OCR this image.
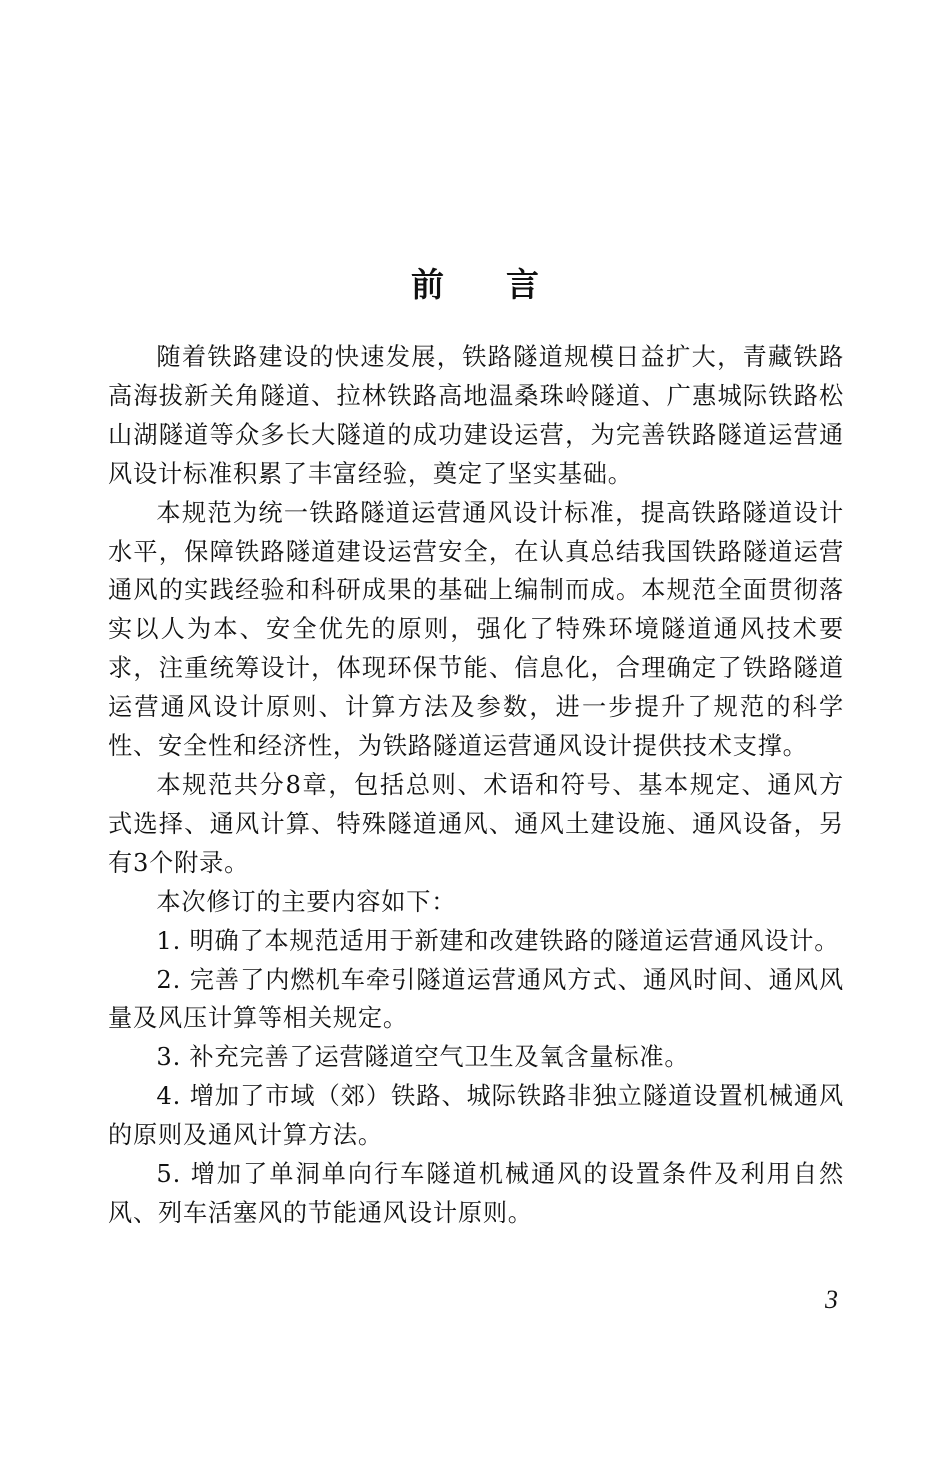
前言

随着铁路建设的快速发展，铁路隧道规模日益扩大，青藏铁路高海拔新关角隧道、拉林铁路高地温桑珠岭隧道、广惠城际铁路松山湖隧道等众多长大隧道的成功建设运营，为完善铁路隧道运营通风设计标准积累了丰富经验，奠定了坚实基础。

本规范为统一铁路隧道运营通风设计标准，提高铁路隧道设计水平，保障铁路隧道建设运营安全，在认真总结我国铁路隧道运营通风的实践经验和科研成果的基础上编制而成。本规范全面贯彻落实以人为本、安全优先的原则，强化了特殊环境隧道通风技术要求，注重统筹设计，体现环保节能、信息化，合理确定了铁路隧道运营通风设计原则、计算方法及参数，进一步提升了规范的科学性、安全性和经济性，为铁路隧道运营通风设计提供技术支撑。

本规范共分8章，包括总则、术语和符号、基本规定、通风方式选择、通风计算、特殊隧道通风、通风土建设施、通风设备，另有3个附录。

本次修订的主要内容如下：

1. 明确了本规范适用于新建和改建铁路的隧道运营通风设计。

2. 完善了内燃机车牵引隧道运营通风方式、通风时间、通风风量及风压计算等相关规定。

3. 补充完善了运营隧道空气卫生及氧含量标准。

4. 增加了市域（郊）铁路、城际铁路非独立隧道设置机械通风的原则及通风计算方法。

5. 增加了单洞单向行车隧道机械通风的设置条件及利用自然风、列车活塞风的节能通风设计原则。

3
